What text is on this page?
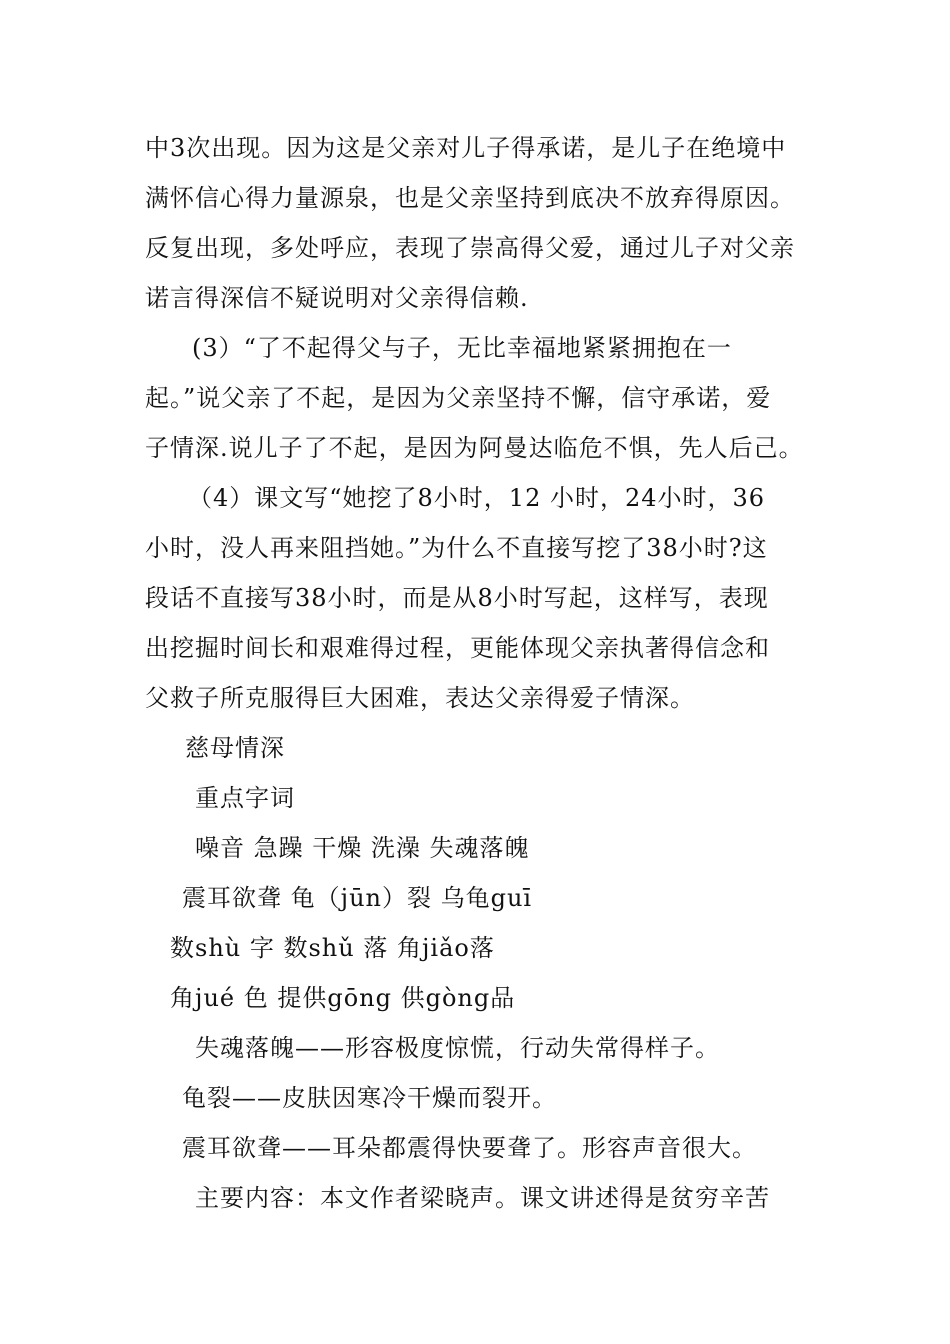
中3次出现。因为这是父亲对儿子得承诺，是儿子在绝境中
满怀信心得力量源泉，也是父亲坚持到底决不放弃得原因。
反复出现，多处呼应，表现了崇高得父爱，通过儿子对父亲
诺言得深信不疑说明对父亲得信赖.
(3）“了不起得父与子，无比幸福地紧紧拥抱在一
起。”说父亲了不起，是因为父亲坚持不懈，信守承诺，爱
子情深.说儿子了不起，是因为阿曼达临危不惧，先人后己。
（4）课文写“她挖了8小时，12 小时，24小时，36
小时，没人再来阻挡她。”为什么不直接写挖了38小时?这
段话不直接写38小时，而是从8小时写起，这样写，表现
出挖掘时间长和艰难得过程，更能体现父亲执著得信念和
父救子所克服得巨大困难，表达父亲得爱子情深。
慈母情深
重点字词
噪音 急躁 干燥 洗澡 失魂落魄
震耳欲聋 龟（jūn）裂 乌龟guī
数shù 字 数shǔ 落 角jiǎo落
角jué 色 提供gōng 供gòng品
失魂落魄——形容极度惊慌，行动失常得样子。
龟裂——皮肤因寒冷干燥而裂开。
震耳欲聋——耳朵都震得快要聋了。形容声音很大。
主要内容：本文作者梁晓声。课文讲述得是贫穷辛苦
